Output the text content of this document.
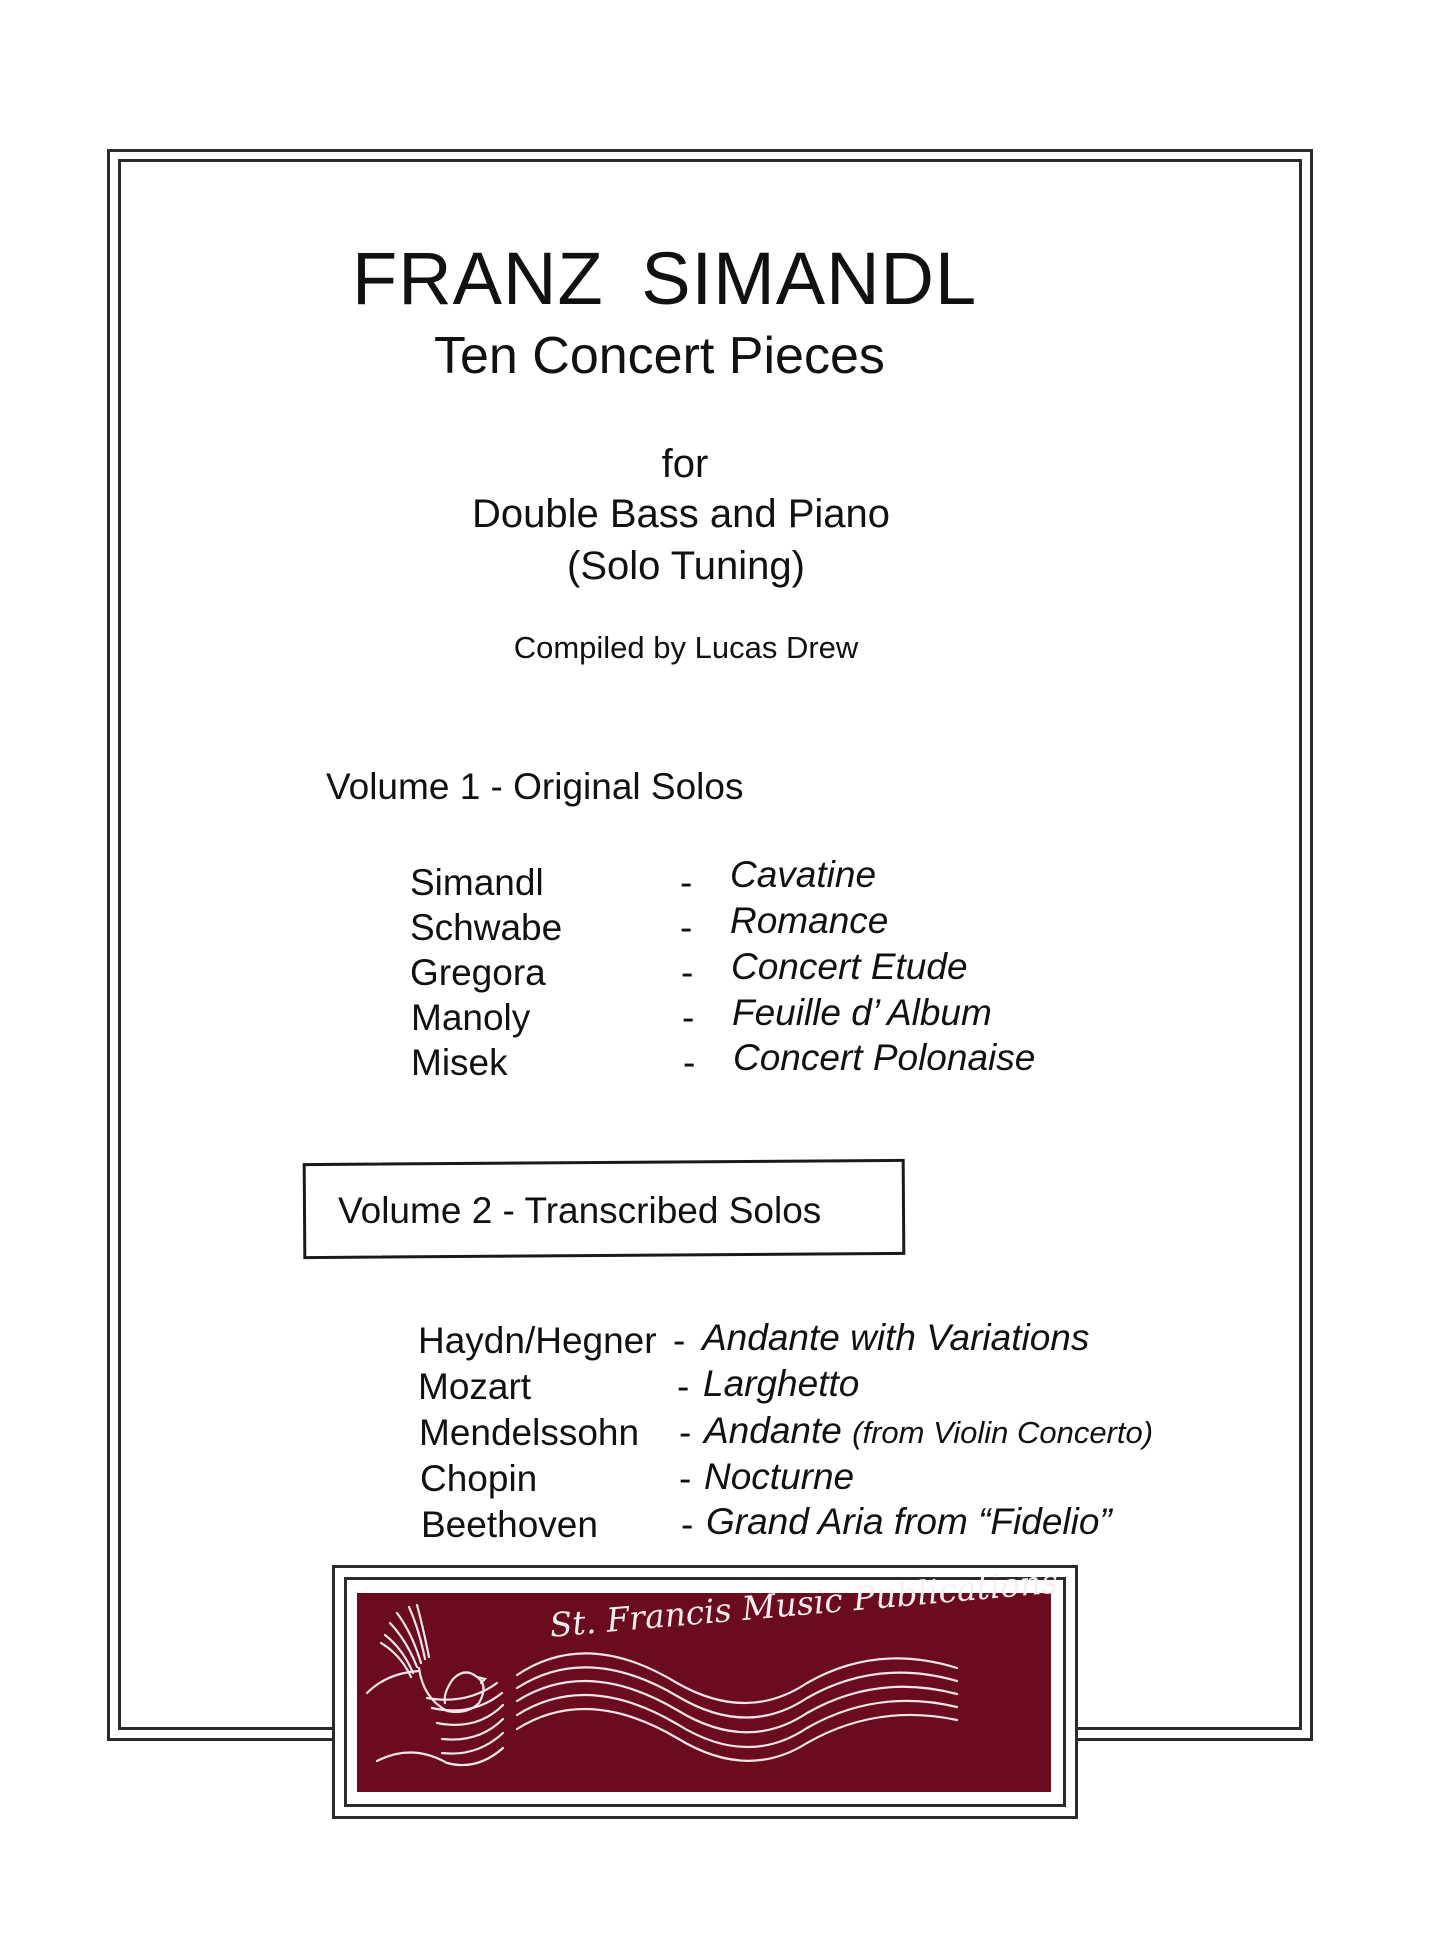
FRANZ SIMANDL
Ten Concert Pieces
for
Double Bass and Piano
(Solo Tuning)
Compiled by Lucas Drew
Volume 1 - Original Solos
Simandl	- Cavatine
Schwabe	- Romance
Gregora	- Concert Etude
Manoly	- Feuille d’ Album
Misek	- Concert Polonaise
Volume 2 - Transcribed Solos
Haydn/Hegner - Andante with Variations
Mozart	- Larghetto
Mendelssohn - Andante (from Violin Concerto)
Chopin	- Nocturne
Beethoven - Grand Aria from “Fidelio”
St. Francis Music Publications
